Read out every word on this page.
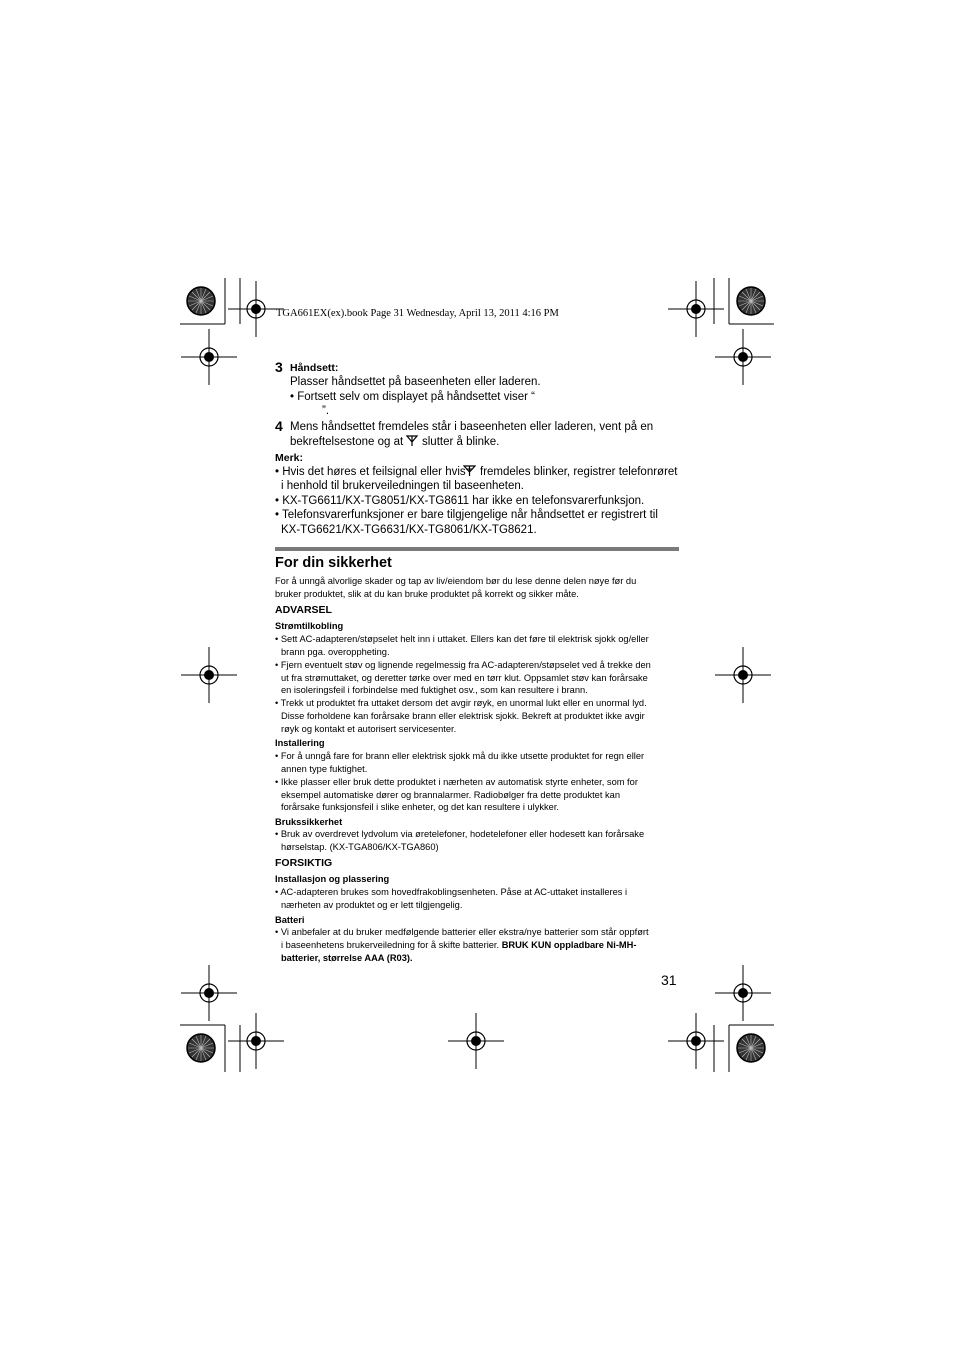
TGA661EX(ex).book Page 31 Wednesday, April 13, 2011 4:16 PM
3 Håndsett:
Plasser håndsettet på baseenheten eller laderen.
• Fortsett selv om displayet på håndsettet viser “
”.
4 Mens håndsettet fremdeles står i baseenheten eller laderen, vent på en
bekreftelsestone og at slutter å blinke.
Merk:
• Hvis det høres et feilsignal eller hvis fremdeles blinker, registrer telefonrøret
i henhold til brukerveiledningen til baseenheten.
• KX-TG6611/KX-TG8051/KX-TG8611 har ikke en telefonsvarerfunksjon.
• Telefonsvarerfunksjoner er bare tilgjengelige når håndsettet er registrert til
KX-TG6621/KX-TG6631/KX-TG8061/KX-TG8621.
For din sikkerhet
For å unngå alvorlige skader og tap av liv/eiendom bør du lese denne delen nøye før du
bruker produktet, slik at du kan bruke produktet på korrekt og sikker måte.
ADVARSEL
Strømtilkobling
• Sett AC-adapteren/støpselet helt inn i uttaket. Ellers kan det føre til elektrisk sjokk og/eller
brann pga. overoppheting.
• Fjern eventuelt støv og lignende regelmessig fra AC-adapteren/støpselet ved å trekke den
ut fra strømuttaket, og deretter tørke over med en tørr klut. Oppsamlet støv kan forårsake
en isoleringsfeil i forbindelse med fuktighet osv., som kan resultere i brann.
• Trekk ut produktet fra uttaket dersom det avgir røyk, en unormal lukt eller en unormal lyd.
Disse forholdene kan forårsake brann eller elektrisk sjokk. Bekreft at produktet ikke avgir
røyk og kontakt et autorisert servicesenter.
Installering
• For å unngå fare for brann eller elektrisk sjokk må du ikke utsette produktet for regn eller
annen type fuktighet.
• Ikke plasser eller bruk dette produktet i nærheten av automatisk styrte enheter, som for
eksempel automatiske dører og brannalarmer. Radiobølger fra dette produktet kan
forårsake funksjonsfeil i slike enheter, og det kan resultere i ulykker.
Brukssikkerhet
• Bruk av overdrevet lydvolum via øretelefoner, hodetelefoner eller hodesett kan forårsake
hørselstap. (KX-TGA806/KX-TGA860)
FORSIKTIG
Installasjon og plassering
• AC-adapteren brukes som hovedfrakoblingsenheten. Påse at AC-uttaket installeres i
nærheten av produktet og er lett tilgjengelig.
Batteri
• Vi anbefaler at du bruker medfølgende batterier eller ekstra/nye batterier som står oppført
i baseenhetens brukerveiledning for å skifte batterier. BRUK KUN oppladbare Ni-MH-
batterier, størrelse AAA (R03).
31
